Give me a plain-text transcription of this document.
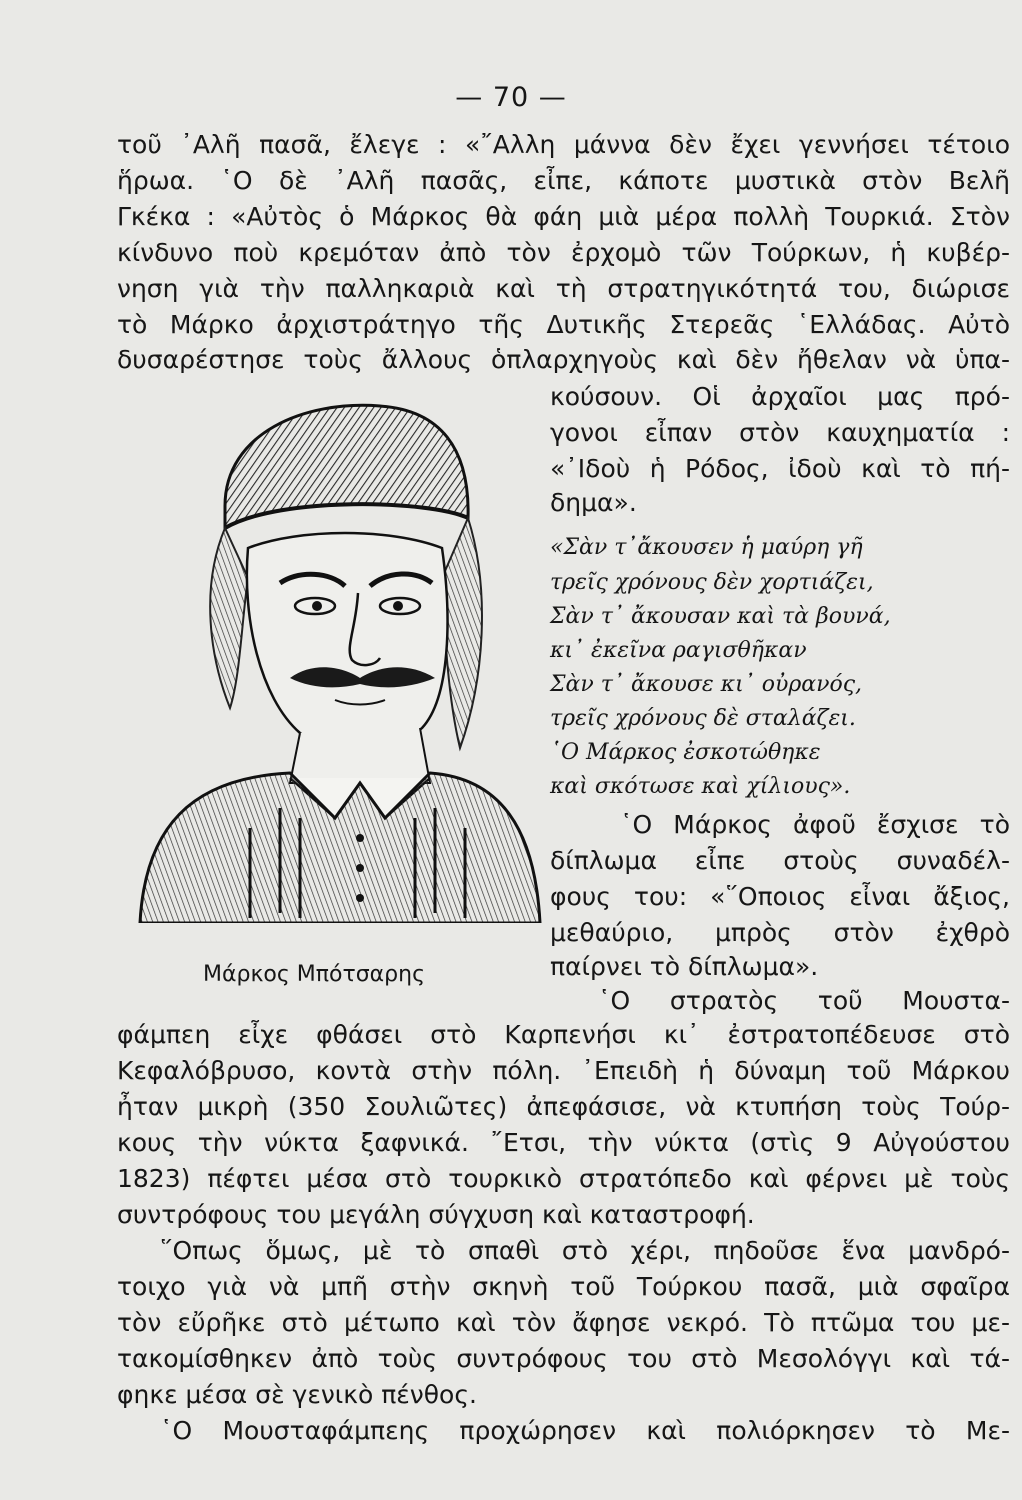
— 70 —
τοῦ ᾿Αλῆ πασᾶ, ἔλεγε : «῎Αλλη μάννα δὲν ἔχει γεννήσει τέτοιο
ἥρωα. ῾Ο δὲ ᾿Αλῆ πασᾶς, εἶπε, κάποτε μυστικὰ στὸν Βελῆ
Γκέκα : «Αὐτὸς ὁ Μάρκος θὰ φάη μιὰ μέρα πολλὴ Τουρκιά. Στὸν
κίνδυνο ποὺ κρεμόταν ἀπὸ τὸν ἐρχομὸ τῶν Τούρκων, ἡ κυβέρ-
νηση γιὰ τὴν παλληκαριὰ καὶ τὴ στρατηγικότητά του, διώρισε
τὸ Μάρκο ἀρχιστράτηγο τῆς Δυτικῆς Στερεᾶς ῾Ελλάδας. Αὐτὸ
δυσαρέστησε τοὺς ἄλλους ὁπλαρχηγοὺς καὶ δὲν ἤθελαν νὰ ὑπα-
κούσουν. Οἱ ἀρχαῖοι μας πρό-
γονοι εἶπαν στὸν καυχηματία :
«᾿Ιδοὺ ἡ Ρόδος, ἰδοὺ καὶ τὸ πή-
δημα».
«Σὰν τ᾿ἄκουσεν ἡ μαύρη γῆ
τρεῖς χρόνους δὲν χορτιάζει,
Σὰν τ᾿ ἄκουσαν καὶ τὰ βουνά,
κι᾿ ἐκεῖνα ραγισθῆκαν
Σὰν τ᾿ ἄκουσε κι᾿ οὐρανός,
τρεῖς χρόνους δὲ σταλάζει.
῾Ο Μάρκος ἐσκοτώθηκε
καὶ σκότωσε καὶ χίλιους».
῾Ο Μάρκος ἀφοῦ ἔσχισε τὸ
δίπλωμα εἶπε στοὺς συναδέλ-
φους του: «῞Οποιος εἶναι ἄξιος,
μεθαύριο, μπρὸς στὸν ἐχθρὸ
παίρνει τὸ δίπλωμα».
῾Ο στρατὸς τοῦ Μουστα-
Μάρκος Μπότσαρης
φάμπεη εἶχε φθάσει στὸ Καρπενήσι κι᾿ ἐστρατοπέδευσε στὸ
Κεφαλόβρυσο, κοντὰ στὴν πόλη. ᾿Επειδὴ ἡ δύναμη τοῦ Μάρκου
ἦταν μικρὴ (350 Σουλιῶτες) ἀπεφάσισε, νὰ κτυπήση τοὺς Τούρ-
κους τὴν νύκτα ξαφνικά. ῎Ετσι, τὴν νύκτα (στὶς 9 Αὐγούστου
1823) πέφτει μέσα στὸ τουρκικὸ στρατόπεδο καὶ φέρνει μὲ τοὺς
συντρόφους του μεγάλη σύγχυση καὶ καταστροφή.
῞Οπως ὅμως, μὲ τὸ σπαθὶ στὸ χέρι, πηδοῦσε ἕνα μανδρό-
τοιχο γιὰ νὰ μπῆ στὴν σκηνὴ τοῦ Τούρκου πασᾶ, μιὰ σφαῖρα
τὸν εὔρῆκε στὸ μέτωπο καὶ τὸν ἄφησε νεκρό. Τὸ πτῶμα του με-
τακομίσθηκεν ἀπὸ τοὺς συντρόφους του στὸ Μεσολόγγι καὶ τά-
φηκε μέσα σὲ γενικὸ πένθος.
῾Ο Μουσταφάμπεης προχώρησεν καὶ πολιόρκησεν τὸ Με-
